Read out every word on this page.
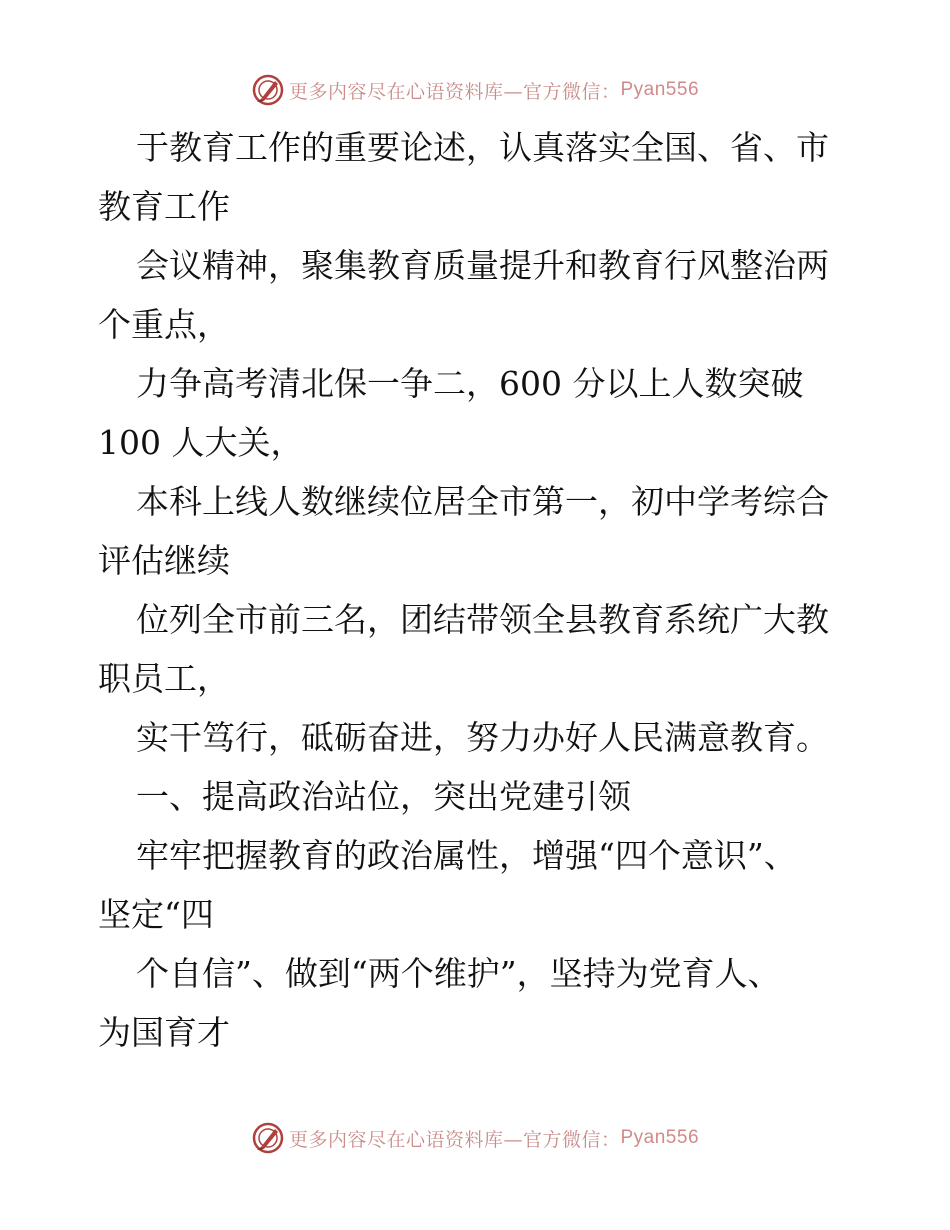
更多内容尽在心语资料库—官方微信： Pyan556
于教育工作的重要论述，认真落实全国、省、市
教育工作
会议精神，聚集教育质量提升和教育行风整治两
个重点，
力争高考清北保一争二，600 分以上人数突破
100 人大关，
本科上线人数继续位居全市第一，初中学考综合
评估继续
位列全市前三名，团结带领全县教育系统广大教
职员工，
实干笃行，砥砺奋进，努力办好人民满意教育。
一、提高政治站位，突出党建引领
牢牢把握教育的政治属性，增强“四个意识”、
坚定“四
个自信”、做到“两个维护”，坚持为党育人、
为国育才
更多内容尽在心语资料库—官方微信： Pyan556
